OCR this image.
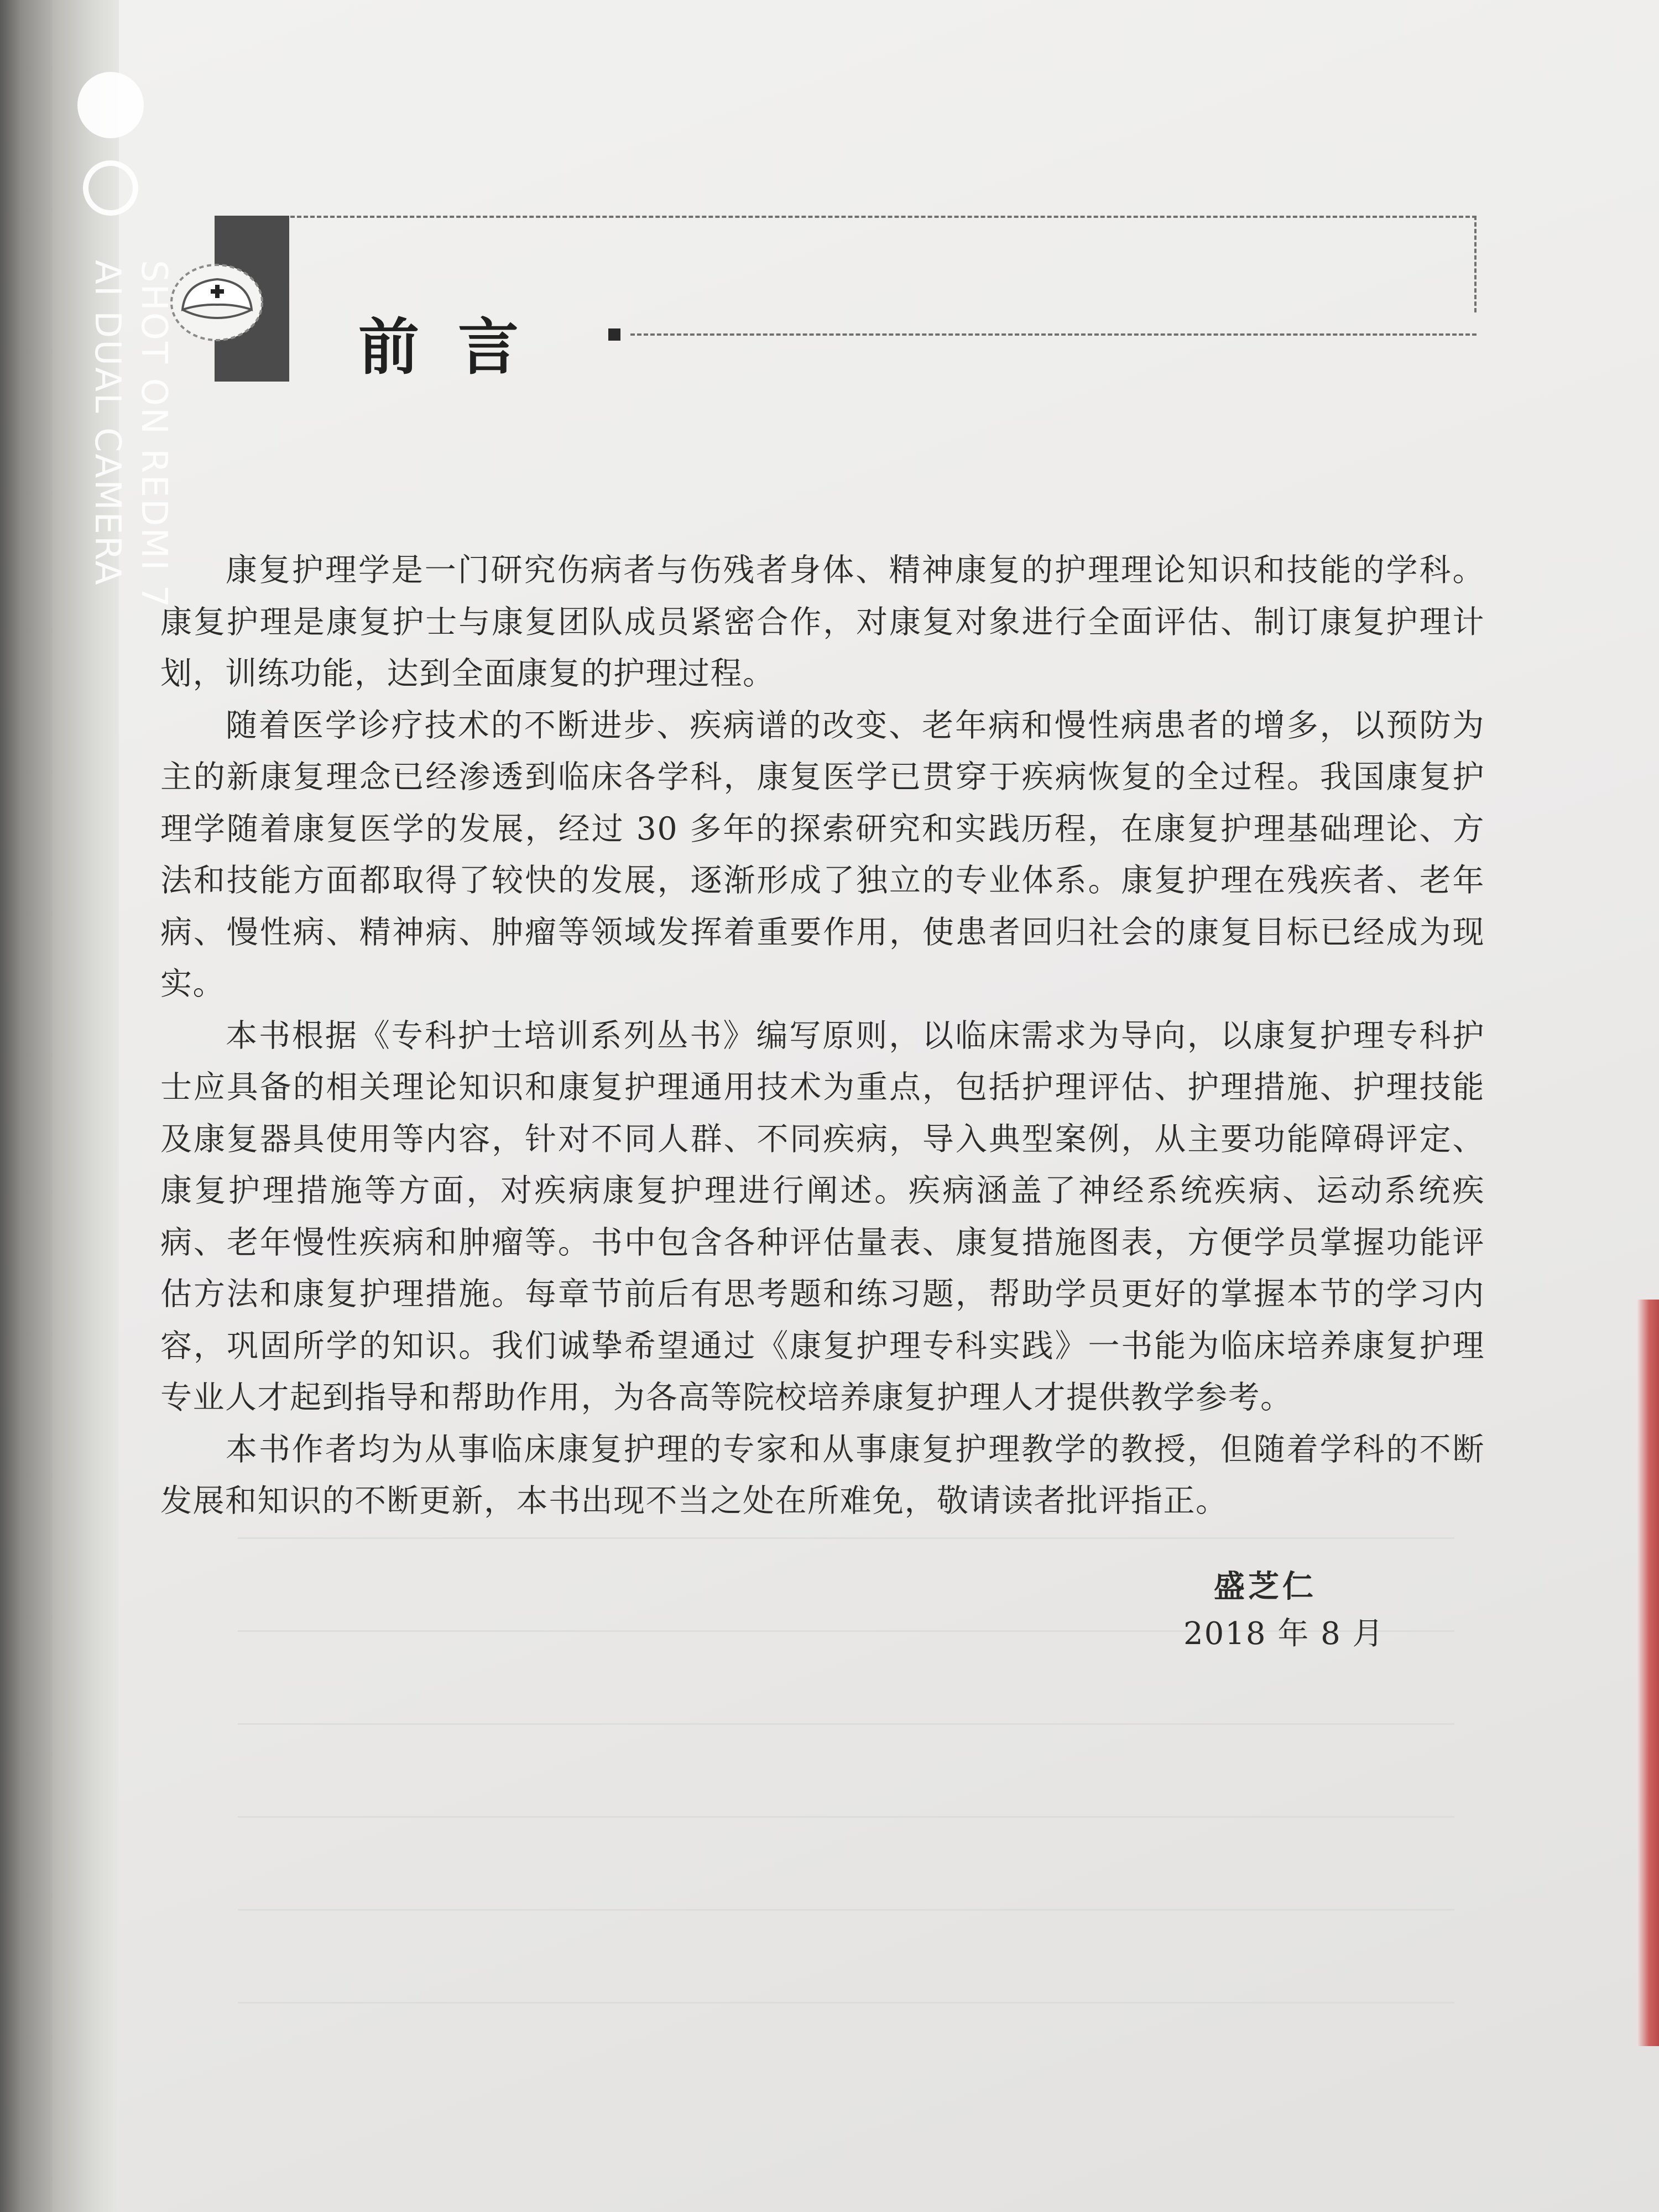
前言

康复护理学是一门研究伤病者与伤残者身体、精神康复的护理理论知识和技能的学科。康复护理是康复护士与康复团队成员紧密合作，对康复对象进行全面评估、制订康复护理计划，训练功能，达到全面康复的护理过程。

随着医学诊疗技术的不断进步、疾病谱的改变、老年病和慢性病患者的增多，以预防为主的新康复理念已经渗透到临床各学科，康复医学已贯穿于疾病恢复的全过程。我国康复护理学随着康复医学的发展，经过 30 多年的探索研究和实践历程，在康复护理基础理论、方法和技能方面都取得了较快的发展，逐渐形成了独立的专业体系。康复护理在残疾者、老年病、慢性病、精神病、肿瘤等领域发挥着重要作用，使患者回归社会的康复目标已经成为现实。

本书根据《专科护士培训系列丛书》编写原则，以临床需求为导向，以康复护理专科护士应具备的相关理论知识和康复护理通用技术为重点，包括护理评估、护理措施、护理技能及康复器具使用等内容，针对不同人群、不同疾病，导入典型案例，从主要功能障碍评定、康复护理措施等方面，对疾病康复护理进行阐述。疾病涵盖了神经系统疾病、运动系统疾病、老年慢性疾病和肿瘤等。书中包含各种评估量表、康复措施图表，方便学员掌握功能评估方法和康复护理措施。每章节前后有思考题和练习题，帮助学员更好的掌握本节的学习内容，巩固所学的知识。我们诚挚希望通过《康复护理专科实践》一书能为临床培养康复护理专业人才起到指导和帮助作用，为各高等院校培养康复护理人才提供教学参考。

本书作者均为从事临床康复护理的专家和从事康复护理教学的教授，但随着学科的不断发展和知识的不断更新，本书出现不当之处在所难免，敬请读者批评指正。

盛芝仁
2018 年 8 月
SHOT ON REDMI 7
AI DUAL CAMERA
